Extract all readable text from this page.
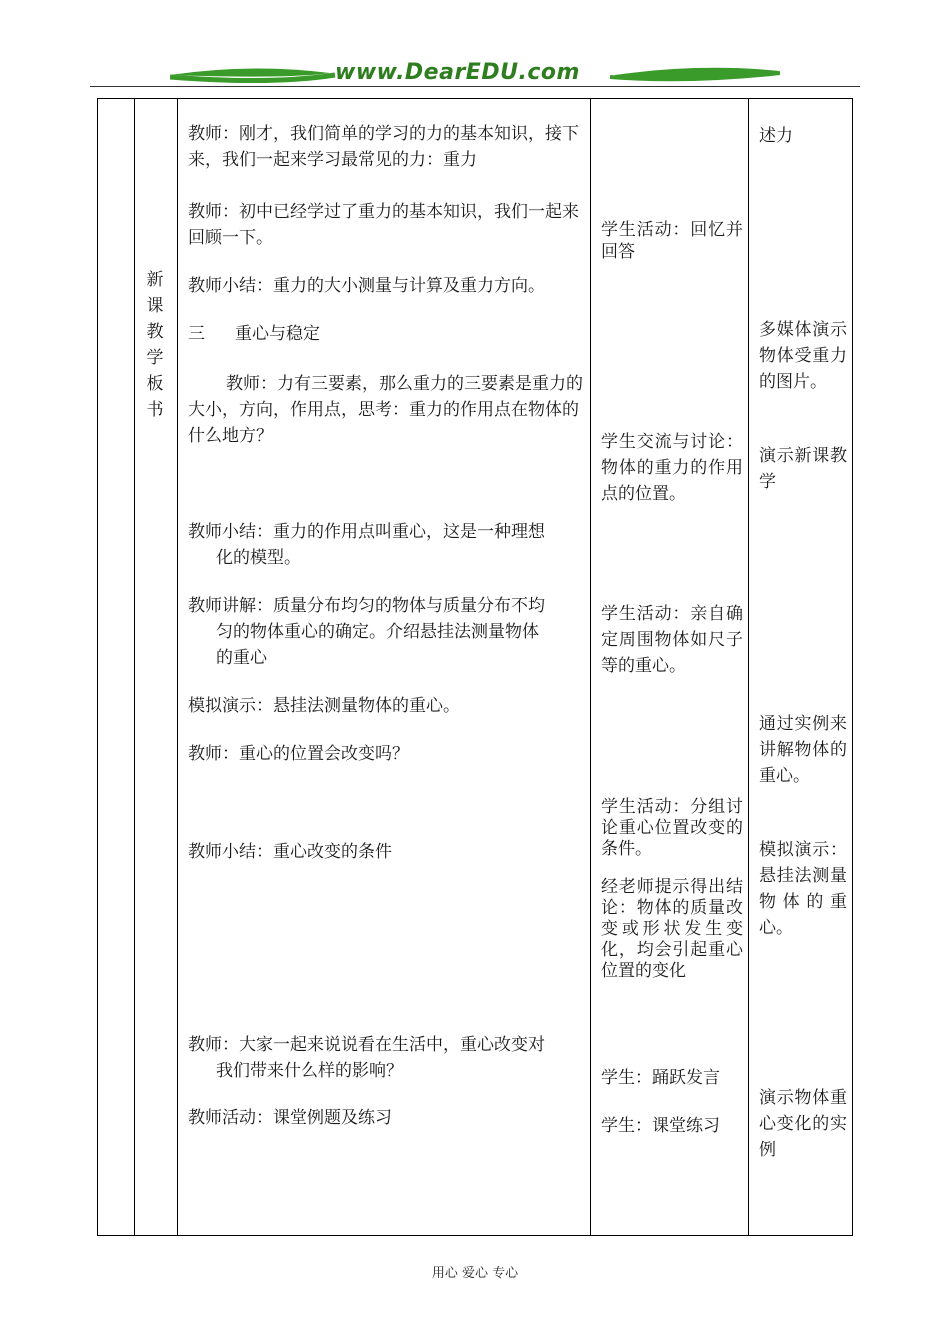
www.DearEDU.com
新课教学板书
教师：刚才，我们简单的学习的力的基本知识，接下来，我们一起来学习最常见的力：重力
教师：初中已经学过了重力的基本知识，我们一起来回顾一下。
教师小结：重力的大小测量与计算及重力方向。
三 重心与稳定
教师：力有三要素，那么重力的三要素是重力的大小，方向，作用点，思考：重力的作用点在物体的什么地方？
教师小结：重力的作用点叫重心，这是一种理想
化的模型。
教师讲解：质量分布均匀的物体与质量分布不均
匀的物体重心的确定。介绍悬挂法测量物体
的重心
模拟演示：悬挂法测量物体的重心。
教师：重心的位置会改变吗？
教师小结：重心改变的条件
教师：大家一起来说说看在生活中，重心改变对
我们带来什么样的影响？
教师活动：课堂例题及练习
学生活动：回忆并回答
学生交流与讨论：物体的重力的作用点的位置。
学生活动：亲自确定周围物体如尺子等的重心。
学生活动：分组讨论重心位置改变的条件。
经老师提示得出结论：物体的质量改变或形状发生变化，均会引起重心位置的变化
学生：踊跃发言
学生：课堂练习
述力
多媒体演示物体受重力的图片。
演示新课教学
通过实例来讲解物体的重心。
模拟演示：悬挂法测量物体的重心。
演示物体重心变化的实例
用心 爱心 专心
